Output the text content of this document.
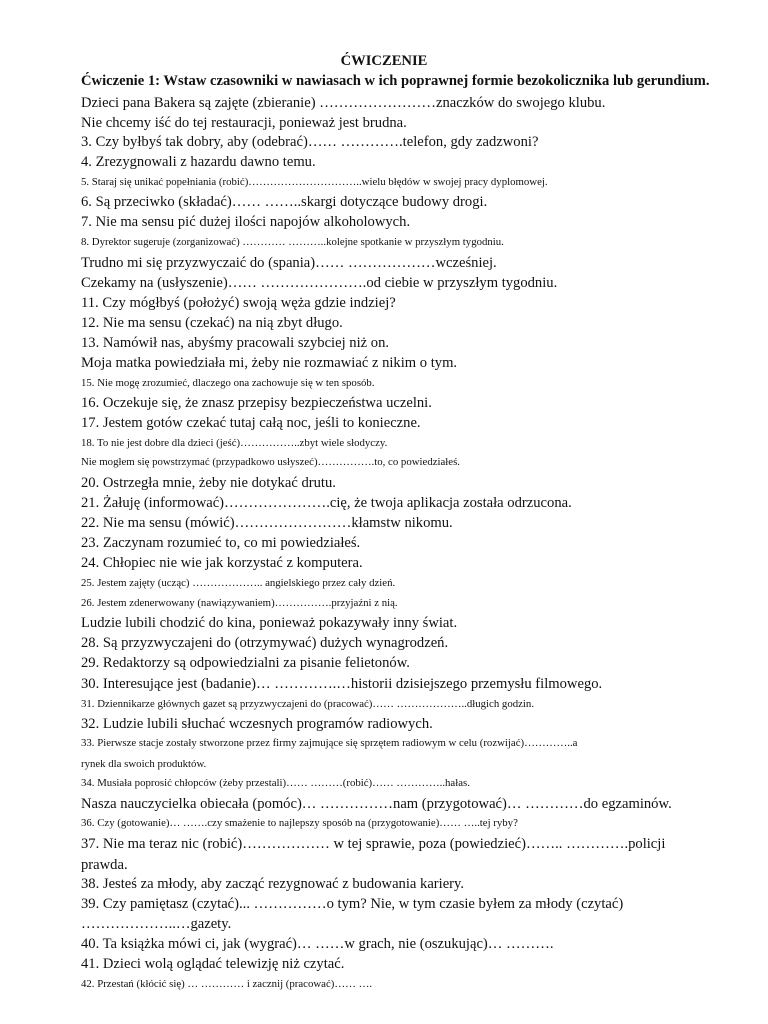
ĆWICZENIE
Ćwiczenie 1: Wstaw czasowniki w nawiasach w ich poprawnej formie bezokolicznika lub gerundium.
Dzieci pana Bakera są zajęte (zbieranie) ……………………znaczków do swojego klubu.
Nie chcemy iść do tej restauracji, ponieważ jest brudna.
3. Czy byłbyś tak dobry, aby (odebrać)…… ………….telefon, gdy zadzwoni?
4. Zrezygnowali z hazardu dawno temu.
5. Staraj się unikać popełniania (robić)…………………………..wielu błędów w swojej pracy dyplomowej.
6. Są przeciwko (składać)…… ……..skargi dotyczące budowy drogi.
7. Nie ma sensu pić dużej ilości napojów alkoholowych.
8. Dyrektor sugeruje (zorganizować) ………… ………..kolejne spotkanie w przyszłym tygodniu.
Trudno mi się przyzwyczaić do (spania)…… ………………wcześniej.
Czekamy na (usłyszenie)…… ………………….od ciebie w przyszłym tygodniu.
11. Czy mógłbyś (położyć) swoją węża gdzie indziej?
12. Nie ma sensu (czekać) na nią zbyt długo.
13. Namówił nas, abyśmy pracowali szybciej niż on.
Moja matka powiedziała mi, żeby nie rozmawiać z nikim o tym.
15. Nie mogę zrozumieć, dlaczego ona zachowuje się w ten sposób.
16. Oczekuje się, że znasz przepisy bezpieczeństwa uczelni.
17. Jestem gotów czekać tutaj całą noc, jeśli to konieczne.
18. To nie jest dobre dla dzieci (jeść)……………..zbyt wiele słodyczy.
Nie mogłem się powstrzymać (przypadkowo usłyszeć)…………….to, co powiedziałeś.
20. Ostrzegła mnie, żeby nie dotykać drutu.
21. Żałuję (informować)………………….cię, że twoja aplikacja została odrzucona.
22. Nie ma sensu (mówić)……………………kłamstw nikomu.
23. Zaczynam rozumieć to, co mi powiedziałeś.
24. Chłopiec nie wie jak korzystać z komputera.
25. Jestem zajęty (ucząc) ……………….. angielskiego przez cały dzień.
26. Jestem zdenerwowany (nawiązywaniem)…………….przyjaźni z nią.
Ludzie lubili chodzić do kina, ponieważ pokazywały inny świat.
28. Są przyzwyczajeni do (otrzymywać) dużych wynagrodzeń.
29. Redaktorzy są odpowiedzialni za pisanie felietonów.
30. Interesujące jest (badanie)… ………….…historii dzisiejszego przemysłu filmowego.
31. Dziennikarze głównych gazet są przyzwyczajeni do (pracować)…… ………………..długich godzin.
32. Ludzie lubili słuchać wczesnych programów radiowych.
33. Pierwsze stacje zostały stworzone przez firmy zajmujące się sprzętem radiowym w celu (rozwijać)…………..a
rynek dla swoich produktów.
34. Musiała poprosić chłopców (żeby przestali)…… ………(robić)…… …………..hałas.
Nasza nauczycielka obiecała (pomóc)… ……………nam (przygotować)… …………do egzaminów.
36. Czy (gotowanie)… …….czy smażenie to najlepszy sposób na (przygotowanie)…… …..tej ryby?
37. Nie ma teraz nic (robić)……………… w tej sprawie, poza (powiedzieć)…….. ………….policji
prawda.
38. Jesteś za młody, aby zacząć rezygnować z budowania kariery.
39. Czy pamiętasz (czytać)... ……………o tym? Nie, w tym czasie byłem za młody (czytać)
………………..…gazety.
40. Ta książka mówi ci, jak (wygrać)… ……w grach, nie (oszukując)… ……….
41. Dzieci wolą oglądać telewizję niż czytać.
42. Przestań (kłócić się) … ………… i zacznij (pracować)…… ….
